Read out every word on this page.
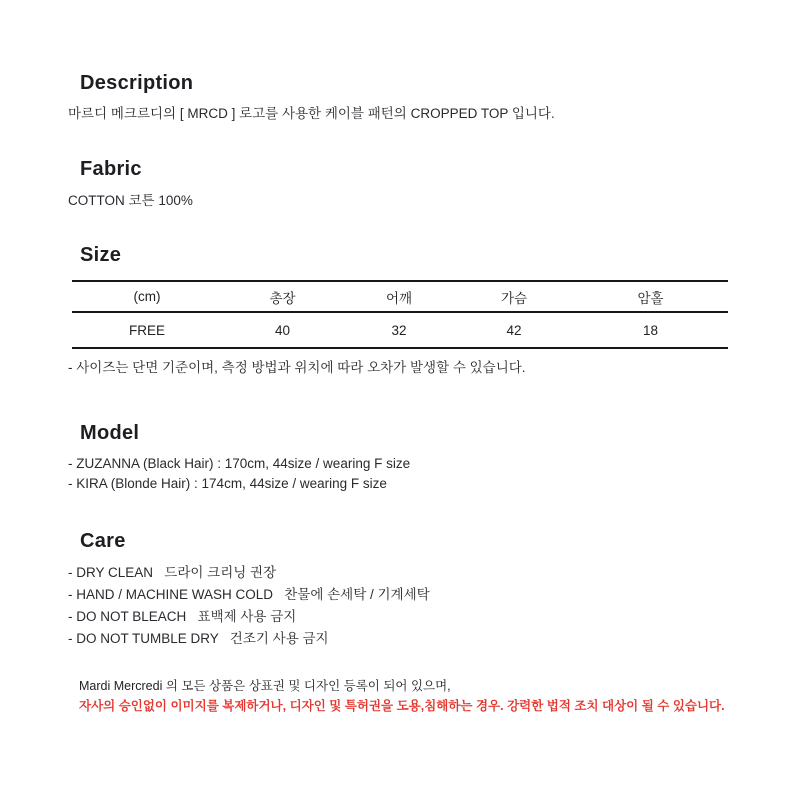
Description

마르디 메크르디의 [ MRCD ] 로고를 사용한 케이블 패턴의 CROPPED TOP 입니다.

Fabric

COTTON 코튼 100%

Size
(cm)	총장	어깨	가슴	암홀
FREE	40	32	42	18

- 사이즈는 단면 기준이며, 측정 방법과 위치에 따라 오차가 발생할 수 있습니다.

Model

- ZUZANNA (Black Hair) : 170cm, 44size / wearing F size

- KIRA (Blonde Hair) : 174cm, 44size / wearing F size

Care

- DRY CLEAN   드라이 크리닝 권장

- HAND / MACHINE WASH COLD   찬물에 손세탁 / 기계세탁

- DO NOT BLEACH   표백제 사용 금지

- DO NOT TUMBLE DRY   건조기 사용 금지

Mardi Mercredi 의 모든 상품은 상표권 및 디자인 등록이 되어 있으며,

자사의 승인없이 이미지를 복제하거나, 디자인 및 특허권을 도용,침해하는 경우. 강력한 법적 조치 대상이 될 수 있습니다.
